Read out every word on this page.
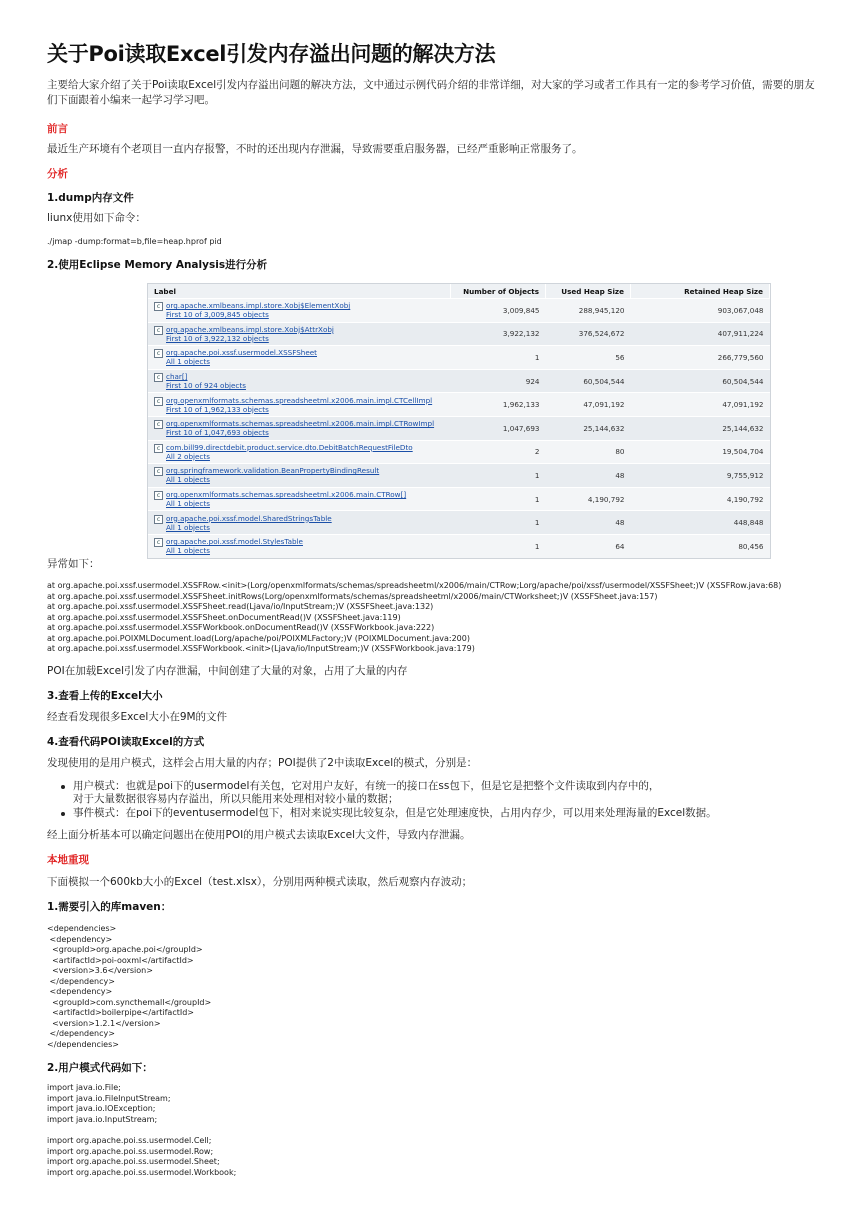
关于Poi读取Excel引发内存溢出问题的解决方法
主要给大家介绍了关于Poi读取Excel引发内存溢出问题的解决方法，文中通过示例代码介绍的非常详细，对大家的学习或者工作具有一定的参考学习价值，需要的朋友们下面跟着小编来一起学习学习吧。
前言
最近生产环境有个老项目一直内存报警，不时的还出现内存泄漏，导致需要重启服务器，已经严重影响正常服务了。
分析
1.dump内存文件
liunx使用如下命令：
./jmap -dump:format=b,file=heap.hprof pid
2.使用Eclipse Memory Analysis进行分析
Label	Number of Objects	Used Heap Size	Retained Heap Size

c org.apache.xmlbeans.impl.store.Xobj$ElementXobj
First 10 of 3,009,845 objects	3,009,845	288,945,120	903,067,048

c org.apache.xmlbeans.impl.store.Xobj$AttrXobj
First 10 of 3,922,132 objects	3,922,132	376,524,672	407,911,224

c org.apache.poi.xssf.usermodel.XSSFSheet
All 1 objects	1	56	266,779,560

c char[]
First 10 of 924 objects	924	60,504,544	60,504,544

c org.openxmlformats.schemas.spreadsheetml.x2006.main.impl.CTCellImpl
First 10 of 1,962,133 objects	1,962,133	47,091,192	47,091,192

c org.openxmlformats.schemas.spreadsheetml.x2006.main.impl.CTRowImpl
First 10 of 1,047,693 objects	1,047,693	25,144,632	25,144,632

c com.bill99.directdebit.product.service.dto.DebitBatchRequestFileDto
All 2 objects	2	80	19,504,704

c org.springframework.validation.BeanPropertyBindingResult
All 1 objects	1	48	9,755,912

c org.openxmlformats.schemas.spreadsheetml.x2006.main.CTRow[]
All 1 objects	1	4,190,792	4,190,792

c org.apache.poi.xssf.model.SharedStringsTable
All 1 objects	1	48	448,848

c org.apache.poi.xssf.model.StylesTable
All 1 objects	1	64	80,456
异常如下：
at org.apache.poi.xssf.usermodel.XSSFRow.<init>(Lorg/openxmlformats/schemas/spreadsheetml/x2006/main/CTRow;Lorg/apache/poi/xssf/usermodel/XSSFSheet;)V (XSSFRow.java:68)
at org.apache.poi.xssf.usermodel.XSSFSheet.initRows(Lorg/openxmlformats/schemas/spreadsheetml/x2006/main/CTWorksheet;)V (XSSFSheet.java:157)
at org.apache.poi.xssf.usermodel.XSSFSheet.read(Ljava/io/InputStream;)V (XSSFSheet.java:132)
at org.apache.poi.xssf.usermodel.XSSFSheet.onDocumentRead()V (XSSFSheet.java:119)
at org.apache.poi.xssf.usermodel.XSSFWorkbook.onDocumentRead()V (XSSFWorkbook.java:222)
at org.apache.poi.POIXMLDocument.load(Lorg/apache/poi/POIXMLFactory;)V (POIXMLDocument.java:200)
at org.apache.poi.xssf.usermodel.XSSFWorkbook.<init>(Ljava/io/InputStream;)V (XSSFWorkbook.java:179)
POI在加载Excel引发了内存泄漏，中间创建了大量的对象，占用了大量的内存
3.查看上传的Excel大小
经查看发现很多Excel大小在9M的文件
4.查看代码POI读取Excel的方式
发现使用的是用户模式，这样会占用大量的内存；POI提供了2中读取Excel的模式，分别是：
用户模式：也就是poi下的usermodel有关包，它对用户友好，有统一的接口在ss包下，但是它是把整个文件读取到内存中的，
对于大量数据很容易内存溢出，所以只能用来处理相对较小量的数据；
事件模式：在poi下的eventusermodel包下，相对来说实现比较复杂，但是它处理速度快，占用内存少，可以用来处理海量的Excel数据。
经上面分析基本可以确定问题出在使用POI的用户模式去读取Excel大文件，导致内存泄漏。
本地重现
下面模拟一个600kb大小的Excel（test.xlsx），分别用两种模式读取，然后观察内存波动；
1.需要引入的库maven：
<dependencies>
<dependency>
<groupId>org.apache.poi</groupId>
<artifactId>poi-ooxml</artifactId>
<version>3.6</version>
</dependency>
<dependency>
<groupId>com.syncthemall</groupId>
<artifactId>boilerpipe</artifactId>
<version>1.2.1</version>
</dependency>
</dependencies>
2.用户模式代码如下：
import java.io.File;
import java.io.FileInputStream;
import java.io.IOException;
import java.io.InputStream;
import org.apache.poi.ss.usermodel.Cell;
import org.apache.poi.ss.usermodel.Row;
import org.apache.poi.ss.usermodel.Sheet;
import org.apache.poi.ss.usermodel.Workbook;
